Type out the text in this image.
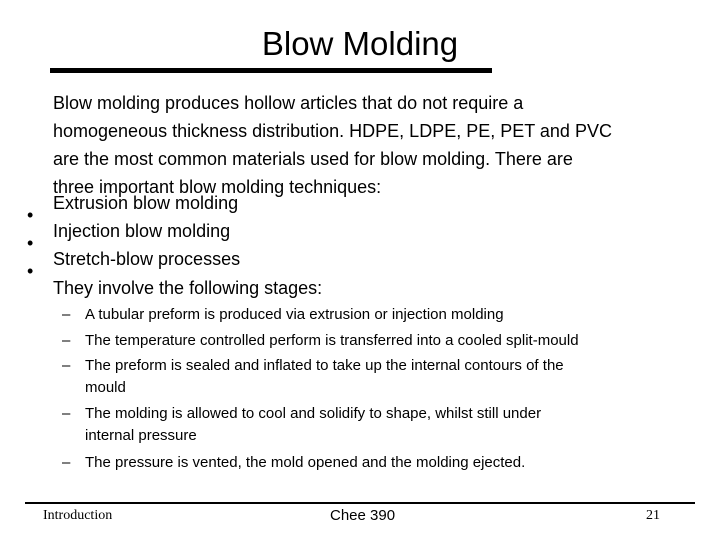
Blow Molding
Blow molding produces hollow articles that do not require a
homogeneous thickness distribution. HDPE, LDPE, PE, PET and PVC
are the most common materials used for blow molding. There are
three important blow molding techniques:
•
Extrusion blow molding
•
Injection blow molding
•
Stretch-blow processes
They involve the following stages:
– A tubular preform is produced via extrusion or injection molding
– The temperature controlled perform is transferred into a cooled split-mould
– The preform is sealed and inflated to take up the internal contours of the
mould
– The molding is allowed to cool and solidify to shape, whilst still under
internal pressure
– The pressure is vented, the mold opened and the molding ejected.
Introduction	Chee 390	21
